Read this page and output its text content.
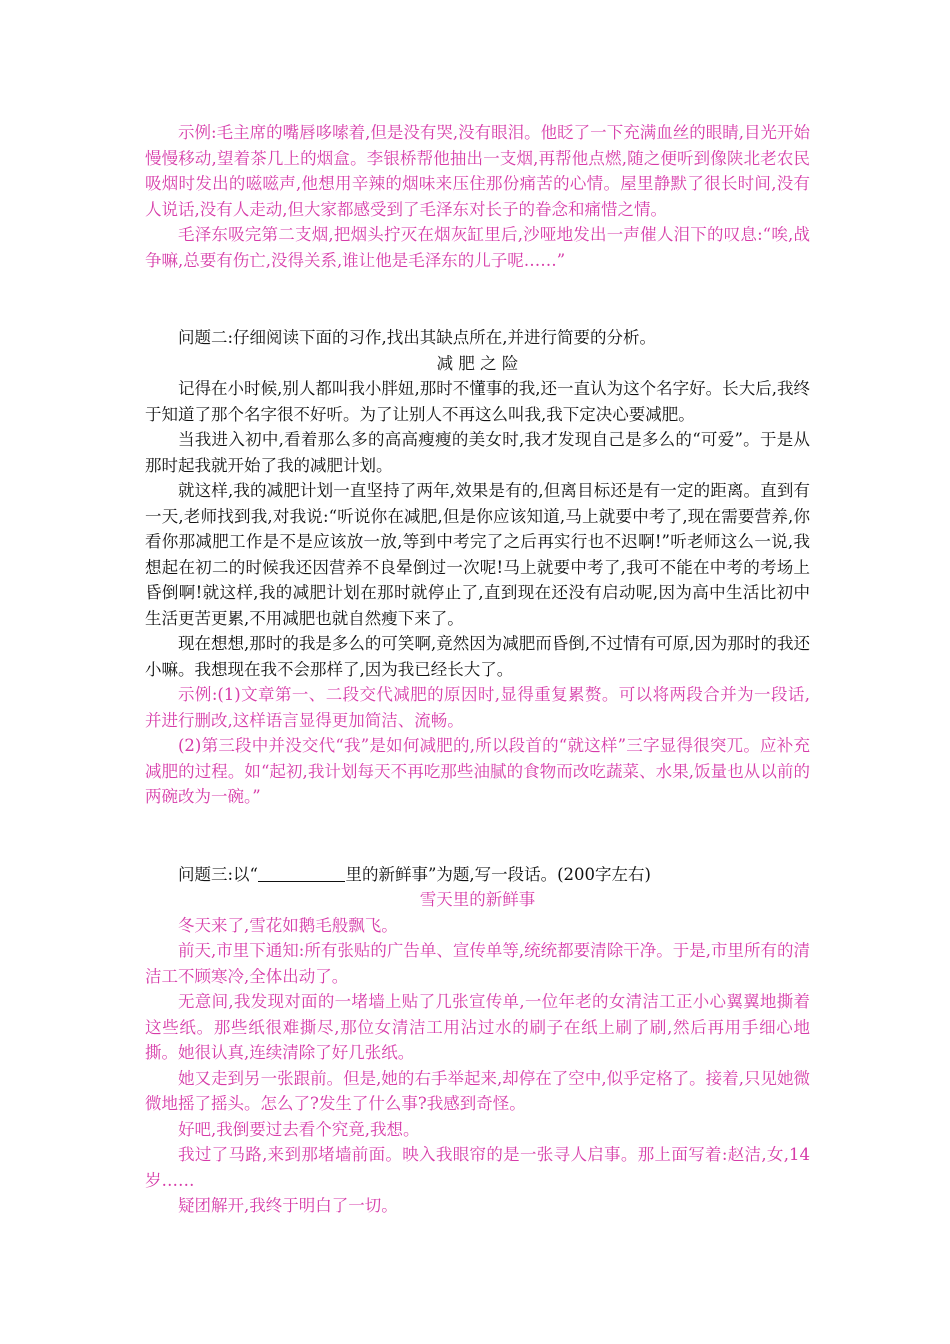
示例:毛主席的嘴唇哆嗦着,但是没有哭,没有眼泪。他眨了一下充满血丝的眼睛,目光开始慢慢移动,望着茶几上的烟盒。李银桥帮他抽出一支烟,再帮他点燃,随之便听到像陕北老农民吸烟时发出的嗞嗞声,他想用辛辣的烟味来压住那份痛苦的心情。屋里静默了很长时间,没有人说话,没有人走动,但大家都感受到了毛泽东对长子的眷念和痛惜之情。

毛泽东吸完第二支烟,把烟头拧灭在烟灰缸里后,沙哑地发出一声催人泪下的叹息:“唉,战争嘛,总要有伤亡,没得关系,谁让他是毛泽东的儿子呢……”

问题二:仔细阅读下面的习作,找出其缺点所在,并进行简要的分析。

减 肥 之 险

记得在小时候,别人都叫我小胖妞,那时不懂事的我,还一直认为这个名字好。长大后,我终于知道了那个名字很不好听。为了让别人不再这么叫我,我下定决心要减肥。

当我进入初中,看着那么多的高高瘦瘦的美女时,我才发现自己是多么的“可爱”。于是从那时起我就开始了我的减肥计划。

就这样,我的减肥计划一直坚持了两年,效果是有的,但离目标还是有一定的距离。直到有一天,老师找到我,对我说:“听说你在减肥,但是你应该知道,马上就要中考了,现在需要营养,你看你那减肥工作是不是应该放一放,等到中考完了之后再实行也不迟啊!”听老师这么一说,我想起在初二的时候我还因营养不良晕倒过一次呢!马上就要中考了,我可不能在中考的考场上昏倒啊!就这样,我的减肥计划在那时就停止了,直到现在还没有启动呢,因为高中生活比初中生活更苦更累,不用减肥也就自然瘦下来了。

现在想想,那时的我是多么的可笑啊,竟然因为减肥而昏倒,不过情有可原,因为那时的我还小嘛。我想现在我不会那样了,因为我已经长大了。

示例:(1)文章第一、二段交代减肥的原因时,显得重复累赘。可以将两段合并为一段话,并进行删改,这样语言显得更加简洁、流畅。

(2)第三段中并没交代“我”是如何减肥的,所以段首的“就这样”三字显得很突兀。应补充减肥的过程。如“起初,我计划每天不再吃那些油腻的食物而改吃蔬菜、水果,饭量也从以前的两碗改为一碗。”

问题三:以“	里的新鲜事”为题,写一段话。(200字左右)

雪天里的新鲜事

冬天来了,雪花如鹅毛般飘飞。

前天,市里下通知:所有张贴的广告单、宣传单等,统统都要清除干净。于是,市里所有的清洁工不顾寒冷,全体出动了。

无意间,我发现对面的一堵墙上贴了几张宣传单,一位年老的女清洁工正小心翼翼地撕着这些纸。那些纸很难撕尽,那位女清洁工用沾过水的刷子在纸上刷了刷,然后再用手细心地撕。她很认真,连续清除了好几张纸。

她又走到另一张跟前。但是,她的右手举起来,却停在了空中,似乎定格了。接着,只见她微微地摇了摇头。怎么了?发生了什么事?我感到奇怪。

好吧,我倒要过去看个究竟,我想。

我过了马路,来到那堵墙前面。映入我眼帘的是一张寻人启事。那上面写着:赵洁,女,14岁……

疑团解开,我终于明白了一切。
